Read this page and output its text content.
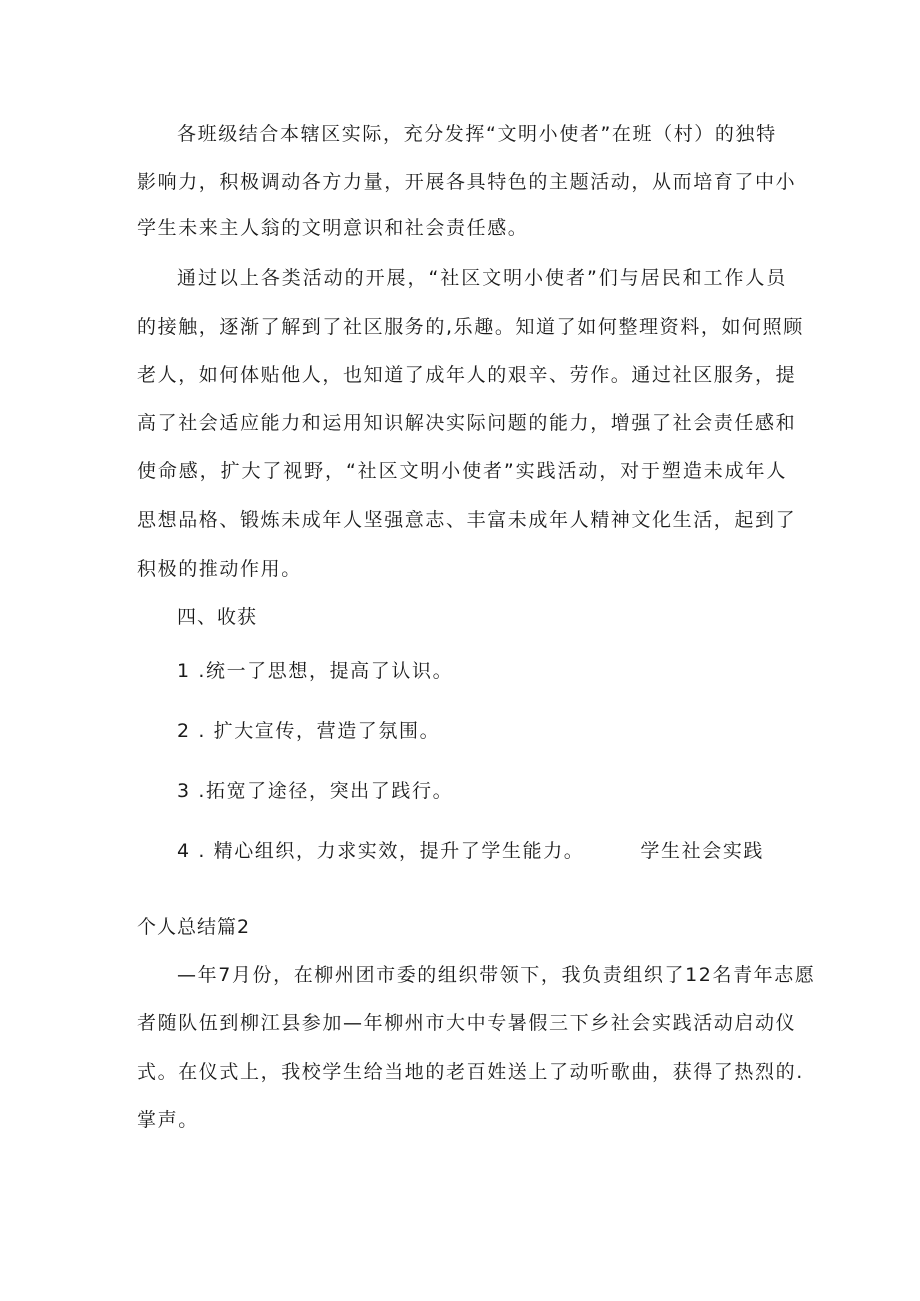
各班级结合本辖区实际，充分发挥“文明小使者”在班（村）的独特
影响力，积极调动各方力量，开展各具特色的主题活动，从而培育了中小
学生未来主人翁的文明意识和社会责任感。
通过以上各类活动的开展，“社区文明小使者”们与居民和工作人员
的接触，逐渐了解到了社区服务的,乐趣。知道了如何整理资料，如何照顾
老人，如何体贴他人，也知道了成年人的艰辛、劳作。通过社区服务，提
高了社会适应能力和运用知识解决实际问题的能力，增强了社会责任感和
使命感，扩大了视野，“社区文明小使者”实践活动，对于塑造未成年人
思想品格、锻炼未成年人坚强意志、丰富未成年人精神文化生活，起到了
积极的推动作用。
四、收获
1 .统一了思想，提高了认识。
2 . 扩大宣传，营造了氛围。
3 .拓宽了途径，突出了践行。
4 . 精心组织，力求实效，提升了学生能力。	学生社会实践
个人总结篇2
—年7月份，在柳州团市委的组织带领下，我负责组织了12名青年志愿
者随队伍到柳江县参加—年柳州市大中专暑假三下乡社会实践活动启动仪
式。在仪式上，我校学生给当地的老百姓送上了动听歌曲，获得了热烈的.
掌声。
